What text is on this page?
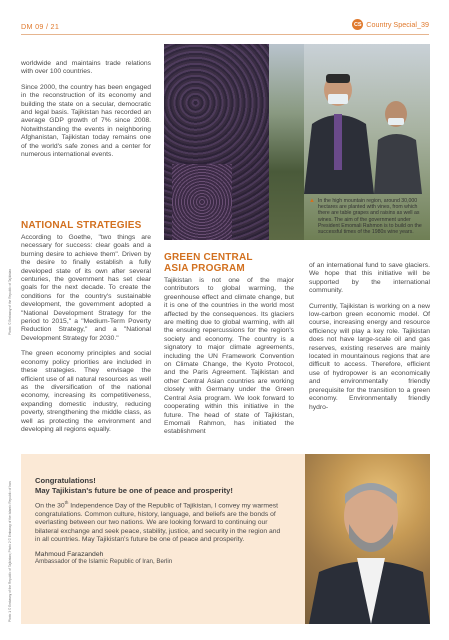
DM 09 / 21	CS Country Special_39

worldwide and maintains trade relations with over 100 countries.

Since 2000, the country has been engaged in the reconstruction of its economy and building the state on a secular, democratic and legal basis. Tajikistan has recorded an average GDP growth of 7% since 2008. Notwithstanding the events in neighboring Afghanistan, Tajikistan today remains one of the world's safe zones and a center for numerous international events.

NATIONAL STRATEGIES

According to Goethe, "two things are necessary for success: clear goals and a burning desire to achieve them". Driven by the desire to finally establish a fully developed state of its own after several centuries, the government has set clear goals for the next decade. To create the conditions for the country's sustainable development, the government adopted a "National Development Strategy for the period to 2015," a "Medium-Term Poverty Reduction Strategy," and a "National Development Strategy for 2030."

The green economy principles and social economy policy priorities are included in these strategies. They envisage the efficient use of all natural resources as well as the diversification of the national economy, increasing its competitiveness, expanding domestic industry, reducing poverty, strengthening the middle class, as well as protecting the environment and developing all regions equally.

▲ In the high mountain region, around 30,000 hectares are planted with vines, from which there are table grapes and raisins as well as wines. The aim of the government under President Emomali Rahmon is to build on the successful times of the 1980s wine years.
Photo: © Embassy of the Republic of Tajikistan
GREEN CENTRAL
ASIA PROGRAM

Tajikistan is not one of the major contributors to global warming, the greenhouse effect and climate change, but it is one of the countries in the world most affected by the consequences. Its glaciers are melting due to global warming, with all the ensuing repercussions for the region's society and economy. The country is a signatory to major climate agreements, including the UN Framework Convention on Climate Change, the Kyoto Protocol, and the Paris Agreement. Tajikistan and other Central Asian countries are working closely with Germany under the Green Central Asia program. We look forward to cooperating within this initiative in the future. The head of state of Tajikistan, Emomali Rahmon, has initiated the establishment

of an international fund to save glaciers. We hope that this initiative will be supported by the international community.

Currently, Tajikistan is working on a new low-carbon green economic model. Of course, increasing energy and resource efficiency will play a key role. Tajikistan does not have large-scale oil and gas reserves, existing reserves are mainly located in mountainous regions that are difficult to access. Therefore, efficient use of hydropower is an economically and environmentally friendly prerequisite for the transition to a green economy. Environmentally friendly hydro-

Photo 1 © Embassy of the Republic of Tajikistan; Photo 2 © Embassy of the Islamic Republic of Iran

Congratulations!
May Tajikistan's future be one of peace and prosperity!

On the 30th Independence Day of the Republic of Tajikistan, I convey my warmest congratulations. Common culture, history, language, and beliefs are the bonds of everlasting between our two nations. We are looking forward to continuing our bilateral exchange and seek peace, stability, justice, and security in the region and in all countries. May Tajikistan's future be one of peace and prosperity.

Mahmoud Farazandeh

Ambassador of the Islamic Republic of Iran, Berlin
